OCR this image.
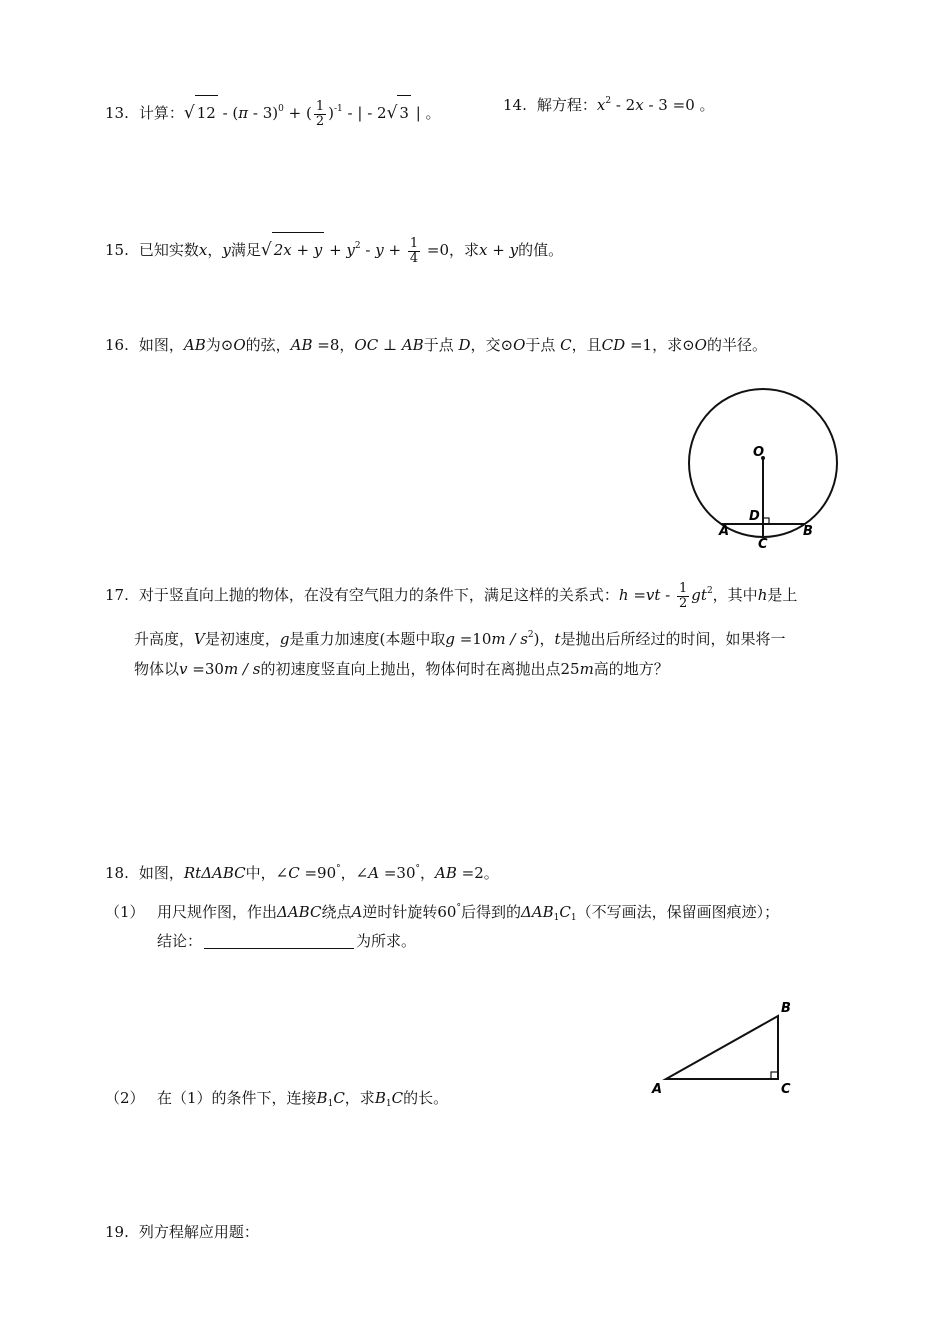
13. 计算： √ 12 - (π - 3)$^0$ + ( $\frac{1}{2} )^{-1}$ - | - 2 √ 3 | 。	14. 解方程：$x^2 - 2x - 3 =0$ 。
15. 已知实数x，y满足 √ $2x + y + y^2 - y + \frac{1}{4} =0$，求x + y的值。
16. 如图，AB为⊙O的弦，AB =8，OC ⊥ AB于点 D，交⊙O于点 C，且CD =1，求⊙O的半径。
O
D
A	B
C
17. 对于竖直向上抛的物体，在没有空气阻力的条件下，满足这样的关系式：$h =vt - \frac{1}{2} gt^2$，其中h是上
升高度，V是初速度，g是重力加速度(本题中取$g =10m / s^2$)，t是抛出后所经过的时间，如果将一
物体以v =30m / s的初速度竖直向上抛出，物体何时在离抛出点25m高的地方？
18. 如图，RtΔABC中，∠C =90°，∠A =30°，AB =2。
（1） 用尺规作图，作出ΔABC绕点A逆时针旋转60°后得到的$\Delta AB_1C_1$（不写画法，保留画图痕迹）；
结论：	为所求。
（2） 在（1）的条件下，连接$B_1C$，求$B_1C$的长。	A
B
C
19. 列方程解应用题：
